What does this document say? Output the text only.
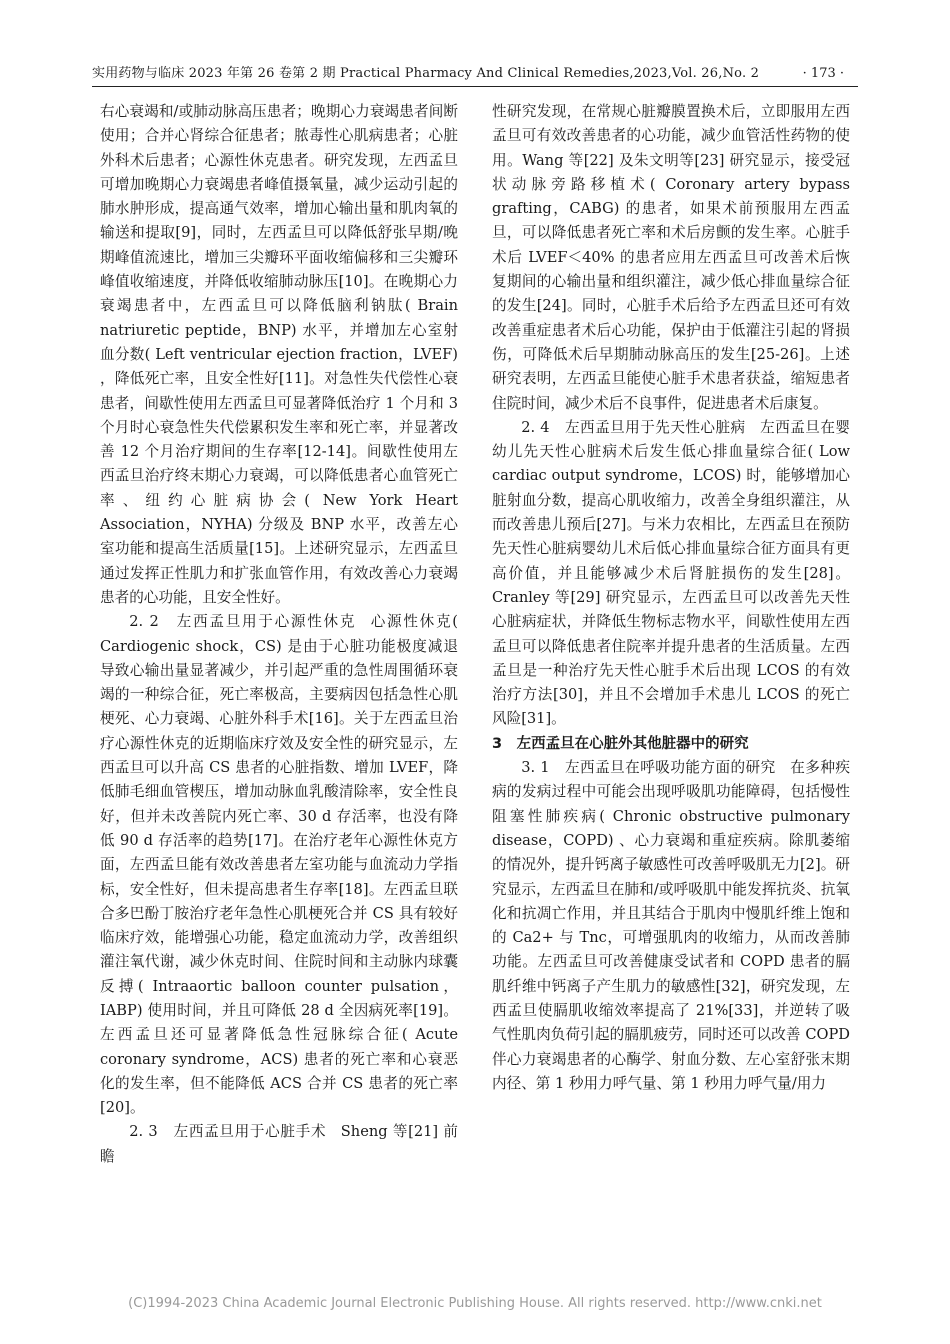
实用药物与临床 2023 年第 26 卷第 2 期 Practical Pharmacy And Clinical Remedies,2023,Vol. 26,No. 2	· 173 ·

右心衰竭和/或肺动脉高压患者；晚期心力衰竭患者间断使用；合并心肾综合征患者；脓毒性心肌病患者；心脏外科术后患者；心源性休克患者。研究发现，左西孟旦可增加晚期心力衰竭患者峰值摄氧量，减少运动引起的肺水肿形成，提高通气效率，增加心输出量和肌肉氧的输送和提取[9]，同时，左西孟旦可以降低舒张早期/晚期峰值流速比，增加三尖瓣环平面收缩偏移和三尖瓣环峰值收缩速度，并降低收缩肺动脉压[10]。在晚期心力衰竭患者中，左西孟旦可以降低脑利钠肽( Brain natriuretic peptide，BNP) 水平，并增加左心室射血分数( Left ventricular ejection fraction，LVEF) ，降低死亡率，且安全性好[11]。对急性失代偿性心衰患者，间歇性使用左西孟旦可显著降低治疗 1 个月和 3 个月时心衰急性失代偿累积发生率和死亡率，并显著改善 12 个月治疗期间的生存率[12-14]。间歇性使用左西孟旦治疗终末期心力衰竭，可以降低患者心血管死亡率、纽约心脏病协会( New York Heart Association，NYHA) 分级及 BNP 水平，改善左心室功能和提高生活质量[15]。上述研究显示，左西孟旦通过发挥正性肌力和扩张血管作用，有效改善心力衰竭患者的心功能，且安全性好。

2. 2　左西孟旦用于心源性休克 心源性休克( Cardiogenic shock，CS) 是由于心脏功能极度减退导致心输出量显著减少，并引起严重的急性周围循环衰竭的一种综合征，死亡率极高，主要病因包括急性心肌梗死、心力衰竭、心脏外科手术[16]。关于左西孟旦治疗心源性休克的近期临床疗效及安全性的研究显示，左西孟旦可以升高 CS 患者的心脏指数、增加 LVEF，降低肺毛细血管楔压，增加动脉血乳酸清除率，安全性良好，但并未改善院内死亡率、30 d 存活率，也没有降低 90 d 存活率的趋势[17]。在治疗老年心源性休克方面，左西孟旦能有效改善患者左室功能与血流动力学指标，安全性好，但未提高患者生存率[18]。左西孟旦联合多巴酚丁胺治疗老年急性心肌梗死合并 CS 具有较好临床疗效，能增强心功能，稳定血流动力学，改善组织灌注氧代谢，减少休克时间、住院时间和主动脉内球囊反搏( Intraaortic balloon counter pulsation，IABP) 使用时间，并且可降低 28 d 全因病死率[19]。左西孟旦还可显著降低急性冠脉综合征( Acute coronary syndrome，ACS) 患者的死亡率和心衰恶化的发生率，但不能降低 ACS 合并 CS 患者的死亡率[20]。

2. 3　左西孟旦用于心脏手术 Sheng 等[21] 前瞻

性研究发现，在常规心脏瓣膜置换术后，立即服用左西孟旦可有效改善患者的心功能，减少血管活性药物的使用。Wang 等[22] 及朱文明等[23] 研究显示，接受冠状动脉旁路移植术( Coronary artery bypass grafting，CABG) 的患者，如果术前预服用左西孟旦，可以降低患者死亡率和术后房颤的发生率。心脏手术后 LVEF＜40% 的患者应用左西孟旦可改善术后恢复期间的心输出量和组织灌注，减少低心排血量综合征的发生[24]。同时，心脏手术后给予左西孟旦还可有效改善重症患者术后心功能，保护由于低灌注引起的肾损伤，可降低术后早期肺动脉高压的发生[25-26]。上述研究表明，左西孟旦能使心脏手术患者获益，缩短患者住院时间，减少术后不良事件，促进患者术后康复。

2. 4　左西孟旦用于先天性心脏病 左西孟旦在婴幼儿先天性心脏病术后发生低心排血量综合征( Low cardiac output syndrome，LCOS) 时，能够增加心脏射血分数，提高心肌收缩力，改善全身组织灌注，从而改善患儿预后[27]。与米力农相比，左西孟旦在预防先天性心脏病婴幼儿术后低心排血量综合征方面具有更高价值，并且能够减少术后肾脏损伤的发生[28]。Cranley 等[29] 研究显示，左西孟旦可以改善先天性心脏病症状，并降低生物标志物水平，间歇性使用左西孟旦可以降低患者住院率并提升患者的生活质量。左西孟旦是一种治疗先天性心脏手术后出现 LCOS 的有效治疗方法[30]，并且不会增加手术患儿 LCOS 的死亡风险[31]。

3　左西孟旦在心脏外其他脏器中的研究

3. 1　左西孟旦在呼吸功能方面的研究 在多种疾病的发病过程中可能会出现呼吸肌功能障碍，包括慢性阻塞性肺疾病( Chronic obstructive pulmonary disease，COPD) 、心力衰竭和重症疾病。除肌萎缩的情况外，提升钙离子敏感性可改善呼吸肌无力[2]。研究显示，左西孟旦在肺和/或呼吸肌中能发挥抗炎、抗氧化和抗凋亡作用，并且其结合于肌肉中慢肌纤维上饱和的 Ca2+ 与 Tnc，可增强肌肉的收缩力，从而改善肺功能。左西孟旦可改善健康受试者和 COPD 患者的膈肌纤维中钙离子产生肌力的敏感性[32]，研究发现，左西孟旦使膈肌收缩效率提高了 21%[33]，并逆转了吸气性肌肉负荷引起的膈肌疲劳，同时还可以改善 COPD 伴心力衰竭患者的心酶学、射血分数、左心室舒张末期内径、第 1 秒用力呼气量、第 1 秒用力呼气量/用力

(C)1994-2023 China Academic Journal Electronic Publishing House. All rights reserved. http://www.cnki.net
